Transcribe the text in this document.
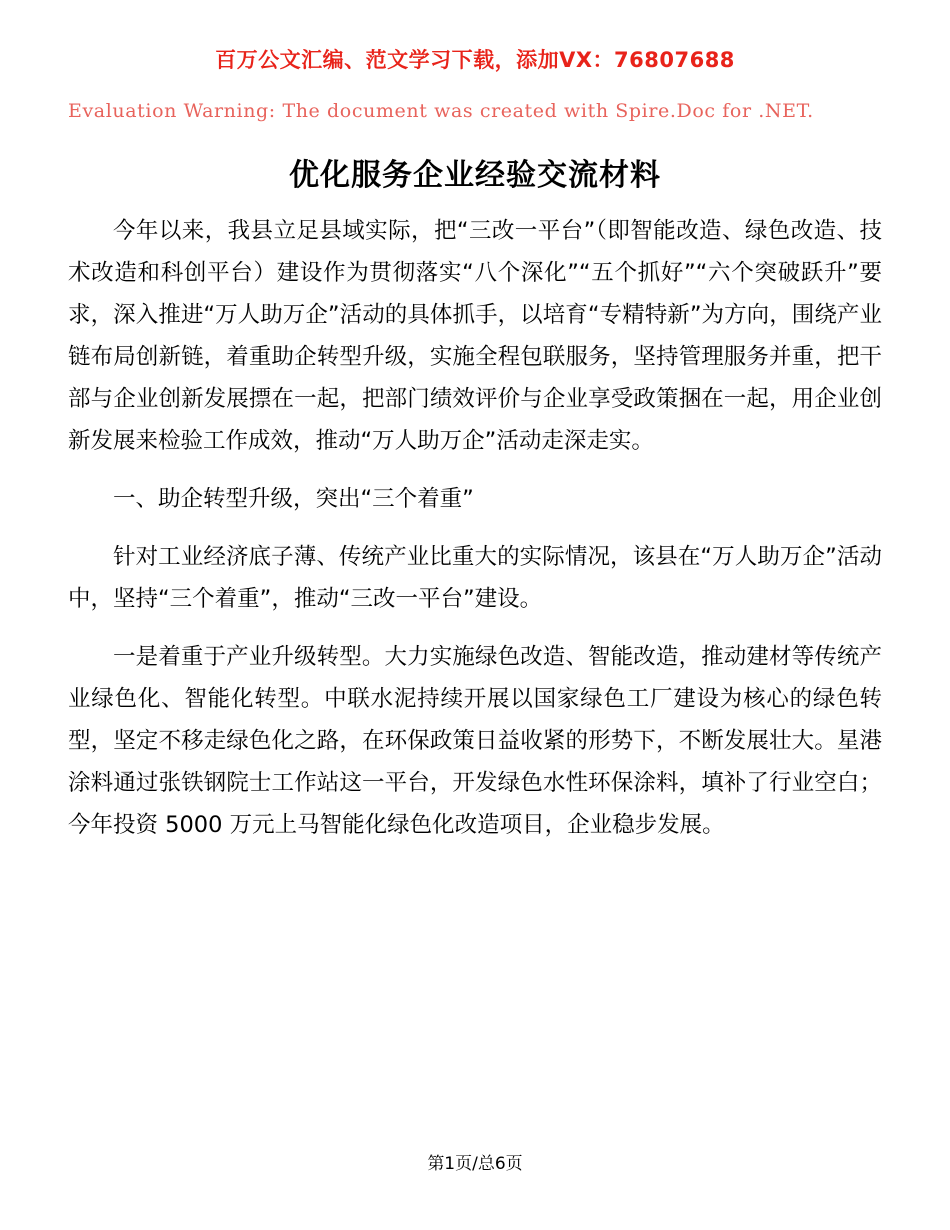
百万公文汇编、范文学习下载，添加VX：76807688
Evaluation Warning: The document was created with Spire.Doc for .NET.
优化服务企业经验交流材料
今年以来，我县立足县域实际，把“三改一平台”（即智能改造、绿色改造、技术改造和科创平台）建设作为贯彻落实“八个深化”“五个抓好”“六个突破跃升”要求，深入推进“万人助万企”活动的具体抓手，以培育“专精特新”为方向，围绕产业链布局创新链，着重助企转型升级，实施全程包联服务，坚持管理服务并重，把干部与企业创新发展摽在一起，把部门绩效评价与企业享受政策捆在一起，用企业创新发展来检验工作成效，推动“万人助万企”活动走深走实。
一、助企转型升级，突出“三个着重”
针对工业经济底子薄、传统产业比重大的实际情况，该县在“万人助万企”活动中，坚持“三个着重”，推动“三改一平台”建设。
一是着重于产业升级转型。大力实施绿色改造、智能改造，推动建材等传统产业绿色化、智能化转型。中联水泥持续开展以国家绿色工厂建设为核心的绿色转型，坚定不移走绿色化之路，在环保政策日益收紧的形势下，不断发展壮大。星港涂料通过张铁钢院士工作站这一平台，开发绿色水性环保涂料，填补了行业空白；今年投资 5000 万元上马智能化绿色化改造项目，企业稳步发展。
第1页/总6页
